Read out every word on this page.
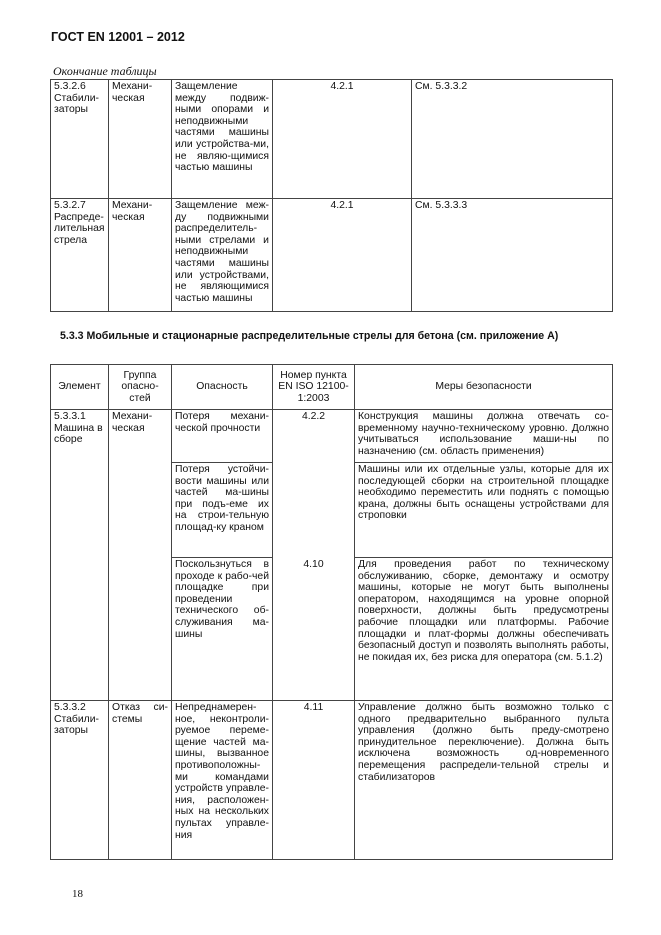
ГОСТ EN 12001 – 2012
Окончание таблицы
5.3.2.6 Стабили-заторы	Механи-ческая	Защемление между подвиж-ными опорами и неподвижными частями машины или устройства-ми, не являю-щимися частью машины	4.2.1	См. 5.3.3.2
5.3.2.7 Распреде-лительная стрела	Механи-ческая	Защемление меж-ду подвижными распределитель-ными стрелами и неподвижными частями машины или устройствами, не являющимися частью машины	4.2.1	См. 5.3.3.3
5.3.3 Мобильные и стационарные распределительные стрелы для бетона (см. приложение А)
Элемент	Группа опасно-стей	Опасность	Номер пункта EN ISO 12100-1:2003	Меры безопасности
5.3.3.1 Машина в сборе	Механи-ческая	Потеря механи-ческой прочности	4.2.2	Конструкция машины должна отвечать со-временному научно-техническому уровню. Должно учитываться использование маши-ны по назначению (см. область применения)
		Потеря устойчи-вости машины или частей ма-шины при подъ-еме их на строи-тельную площад-ку краном		Машины или их отдельные узлы, которые для их последующей сборки на строительной площадке необходимо переместить или поднять с помощью крана, должны быть оснащены устройствами для строповки
		Поскользнуться в проходе к рабо-чей площадке при проведении технического об-служивания ма-шины	4.10	Для проведения работ по техническому обслуживанию, сборке, демонтажу и осмотру машины, которые не могут быть выполнены оператором, находящимся на уровне опорной поверхности, должны быть предусмотрены рабочие площадки или платформы. Рабочие площадки и плат-формы должны обеспечивать безопасный доступ и позволять выполнять работы, не покидая их, без риска для оператора (см. 5.1.2)
5.3.3.2 Стабили-заторы	Отказ си-стемы	Непреднамерен-ное, неконтроли-руемое переме-щение частей ма-шины, вызванное противоположны-ми командами устройств управле-ния, расположен-ных на нескольких пультах управле-ния	4.11	Управление должно быть возможно только с одного предварительно выбранного пульта управления (должно быть преду-смотрено принудительное переключение). Должна быть исключена возможность од-новременного перемещения распредели-тельной стрелы и стабилизаторов
18
